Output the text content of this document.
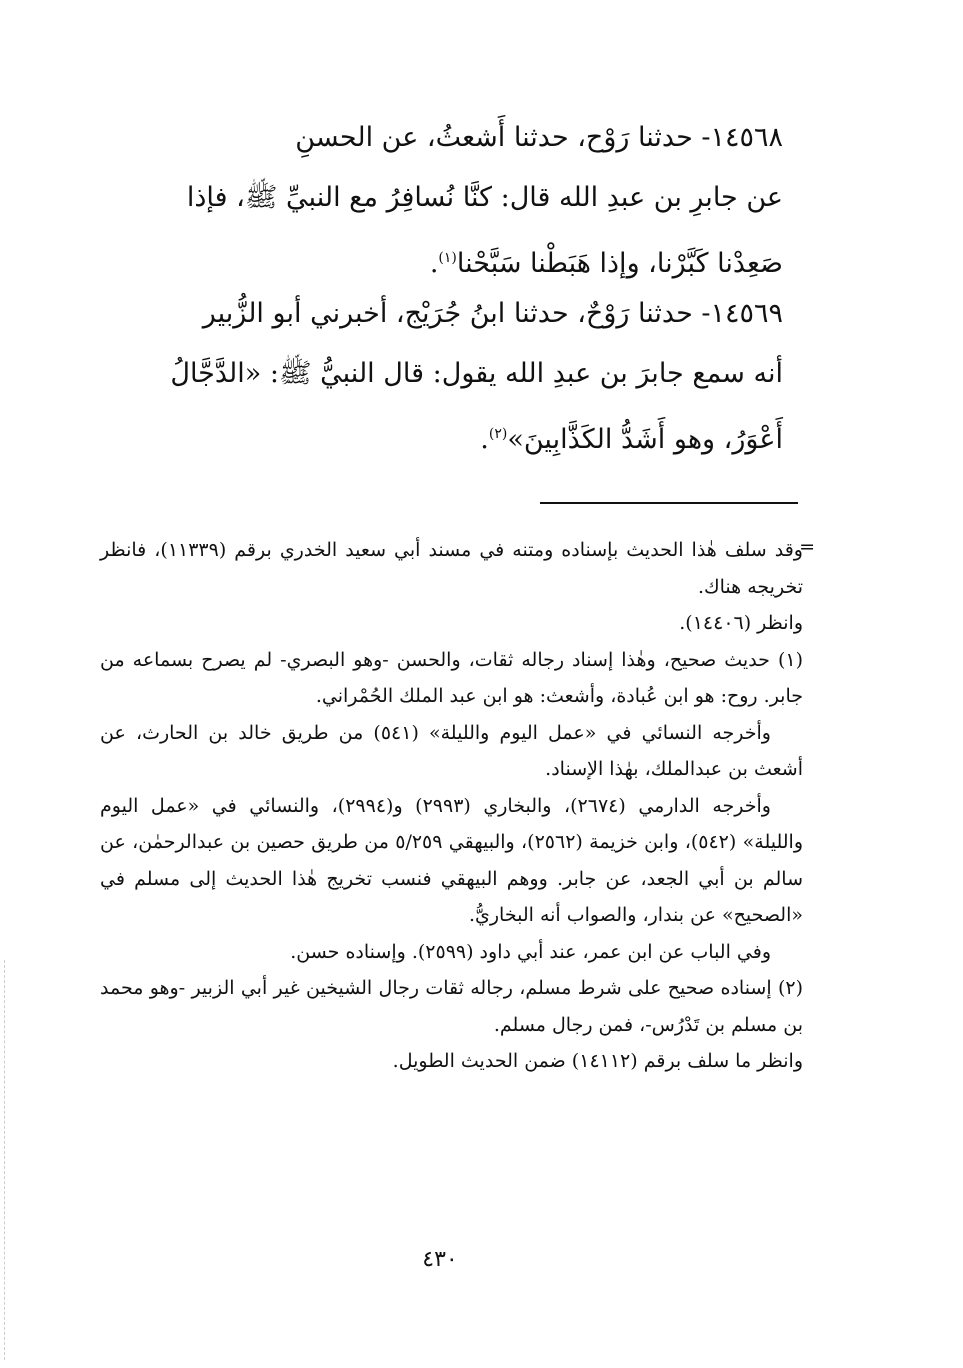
١٤٥٦٨- حدثنا رَوْح، حدثنا أَشعثُ، عن الحسنِ

عن جابرِ بن عبدِ الله قال: كنَّا نُسافِرُ مع النبيِّ ﷺ، فإذا
صَعِدْنا كَبَّرْنا، وإذا هَبَطْنا سَبَّحْنا$^{(١)}$.

١٤٥٦٩- حدثنا رَوْحٌ، حدثنا ابنُ جُرَيْج، أخبرني أبو الزُّبير

أنه سمع جابرَ بن عبدِ الله يقول: قال النبيُّ ﷺ: «الدَّجَّالُ
أَعْوَرُ، وهو أَشَدُّ الكَذَّابِينَ»$^{(٢)}$.

=

وقد سلف هٰذا الحديث بإسناده ومتنه في مسند أبي سعيد الخدري برقم (١١٣٣٩)، فانظر تخريجه هناك.

وانظر (١٤٤٠٦).

(١) حديث صحيح، وهٰذا إسناد رجاله ثقات، والحسن -وهو البصري- لم يصرح بسماعه من جابر. روح: هو ابن عُبادة، وأشعث: هو ابن عبد الملك الحُمْراني.

وأخرجه النسائي في «عمل اليوم والليلة» (٥٤١) من طريق خالد بن الحارث، عن أشعث بن عبدالملك، بهٰذا الإسناد.

وأخرجه الدارمي (٢٦٧٤)، والبخاري (٢٩٩٣) و(٢٩٩٤)، والنسائي في «عمل اليوم والليلة» (٥٤٢)، وابن خزيمة (٢٥٦٢)، والبيهقي ٥/٢٥٩ من طريق حصين بن عبدالرحمٰن، عن سالم بن أبي الجعد، عن جابر. ووهم البيهقي فنسب تخريج هٰذا الحديث إلى مسلم في «الصحيح» عن بندار، والصواب أنه البخاريُّ.

وفي الباب عن ابن عمر، عند أبي داود (٢٥٩٩). وإسناده حسن.

(٢) إسناده صحيح على شرط مسلم، رجاله ثقات رجال الشيخين غير أبي الزبير -وهو محمد بن مسلم بن تَدْرُس-، فمن رجال مسلم.

وانظر ما سلف برقم (١٤١١٢) ضمن الحديث الطويل.

٤٣٠
